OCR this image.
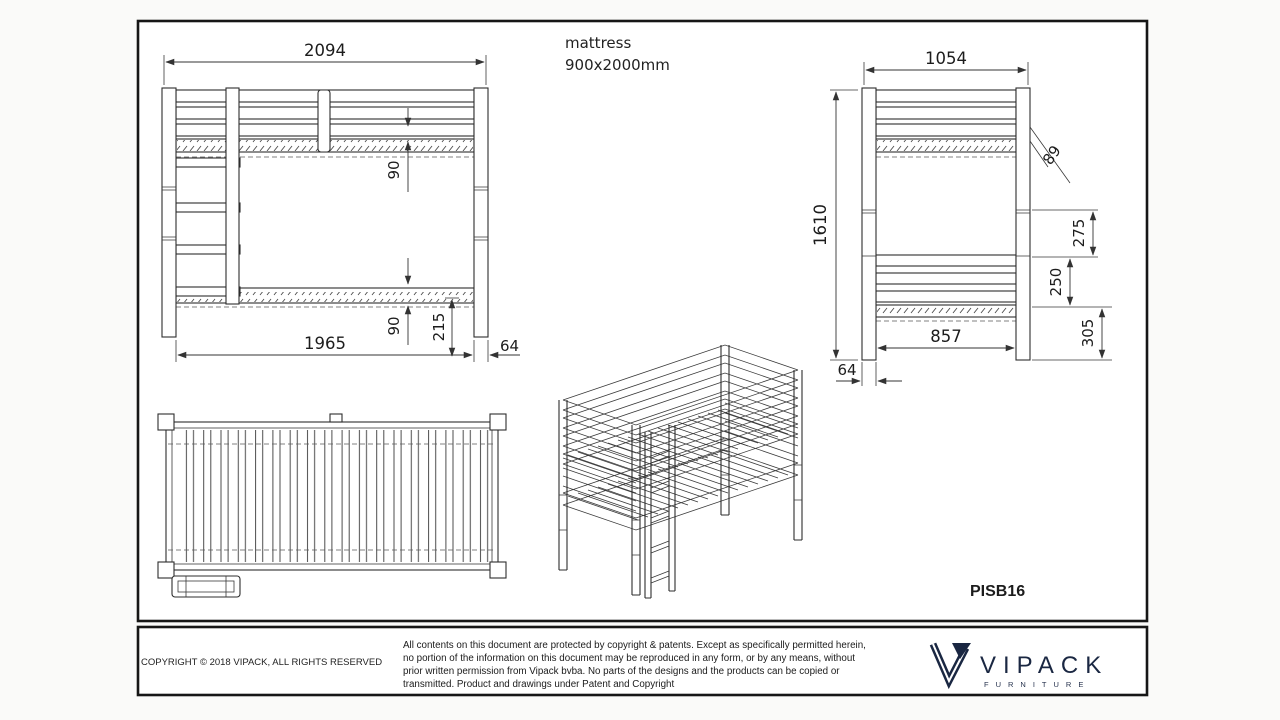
2094
90
90 215
1965	64
mattress
900x2000mm	1054
1610
89
275
250
305
857
64
PISB16
COPYRIGHT © 2018 VIPACK, ALL RIGHTS RESERVED
All contents on this document are protected by copyright & patents. Except as specifically permitted herein,
no portion of the information on this document may be reproduced in any form, or by any means, without
prior written permission from Vipack bvba. No parts of the designs and the products can be copied or
transmitted. Product and drawings under Patent and Copyright
VIPACK
FURNITURE
